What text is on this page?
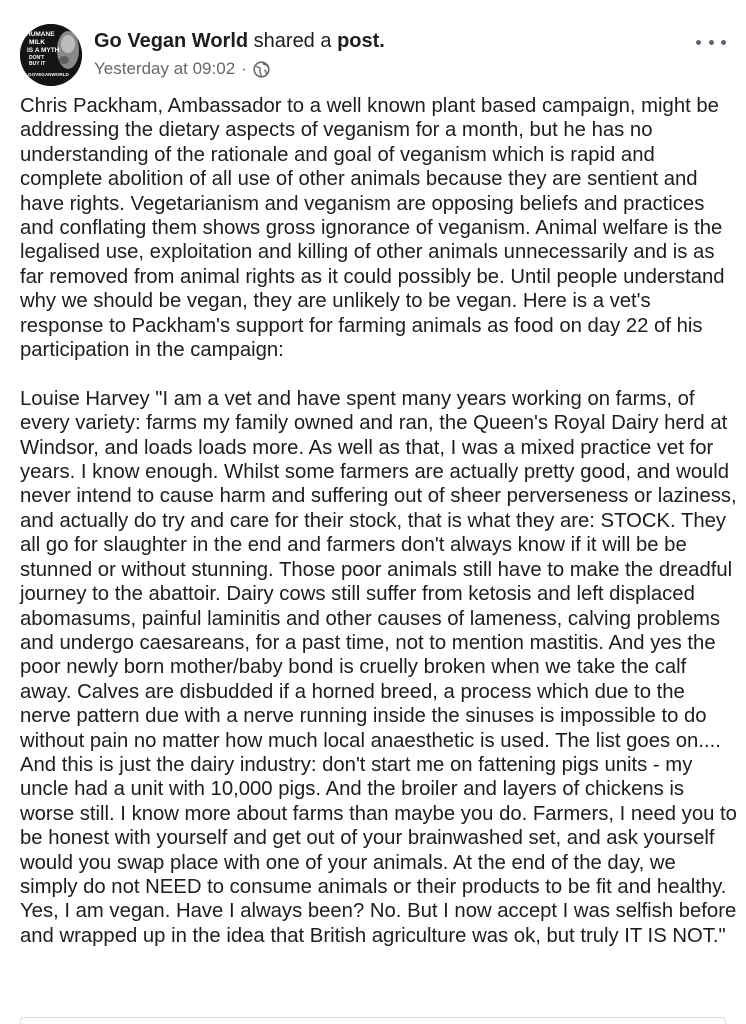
HUMANE
MILK
IS A MYTH
DON'T
BUY IT
GOVEGANWORLD
Go Vegan World shared a post.
Yesterday at 09:02 ·

Chris Packham, Ambassador to a well known plant based campaign, might be addressing the dietary aspects of veganism for a month, but he has no understanding of the rationale and goal of veganism which is rapid and complete abolition of all use of other animals because they are sentient and have rights. Vegetarianism and veganism are opposing beliefs and practices and conflating them shows gross ignorance of veganism. Animal welfare is the legalised use, exploitation and killing of other animals unnecessarily and is as far removed from animal rights as it could possibly be. Until people understand why we should be vegan, they are unlikely to be vegan. Here is a vet's response to Packham's support for farming animals as food on day 22 of his participation in the campaign:

Louise Harvey "I am a vet and have spent many years working on farms, of every variety: farms my family owned and ran, the Queen's Royal Dairy herd at Windsor, and loads loads more. As well as that, I was a mixed practice vet for years. I know enough. Whilst some farmers are actually pretty good, and would never intend to cause harm and suffering out of sheer perverseness or laziness, and actually do try and care for their stock, that is what they are: STOCK. They all go for slaughter in the end and farmers don't always know if it will be be stunned or without stunning. Those poor animals still have to make the dreadful journey to the abattoir. Dairy cows still suffer from ketosis and left displaced abomasums, painful laminitis and other causes of lameness, calving problems and undergo caesareans, for a past time, not to mention mastitis. And yes the poor newly born mother/baby bond is cruelly broken when we take the calf away. Calves are disbudded if a horned breed, a process which due to the nerve pattern due with a nerve running inside the sinuses is impossible to do without pain no matter how much local anaesthetic is used. The list goes on.... And this is just the dairy industry: don't start me on fattening pigs units - my uncle had a unit with 10,000 pigs. And the broiler and layers of chickens is worse still. I know more about farms than maybe you do. Farmers, I need you to be honest with yourself and get out of your brainwashed set, and ask yourself would you swap place with one of your animals. At the end of the day, we simply do not NEED to consume animals or their products to be fit and healthy. Yes, I am vegan. Have I always been? No. But I now accept I was selfish before and wrapped up in the idea that British agriculture was ok, but truly IT IS NOT."
